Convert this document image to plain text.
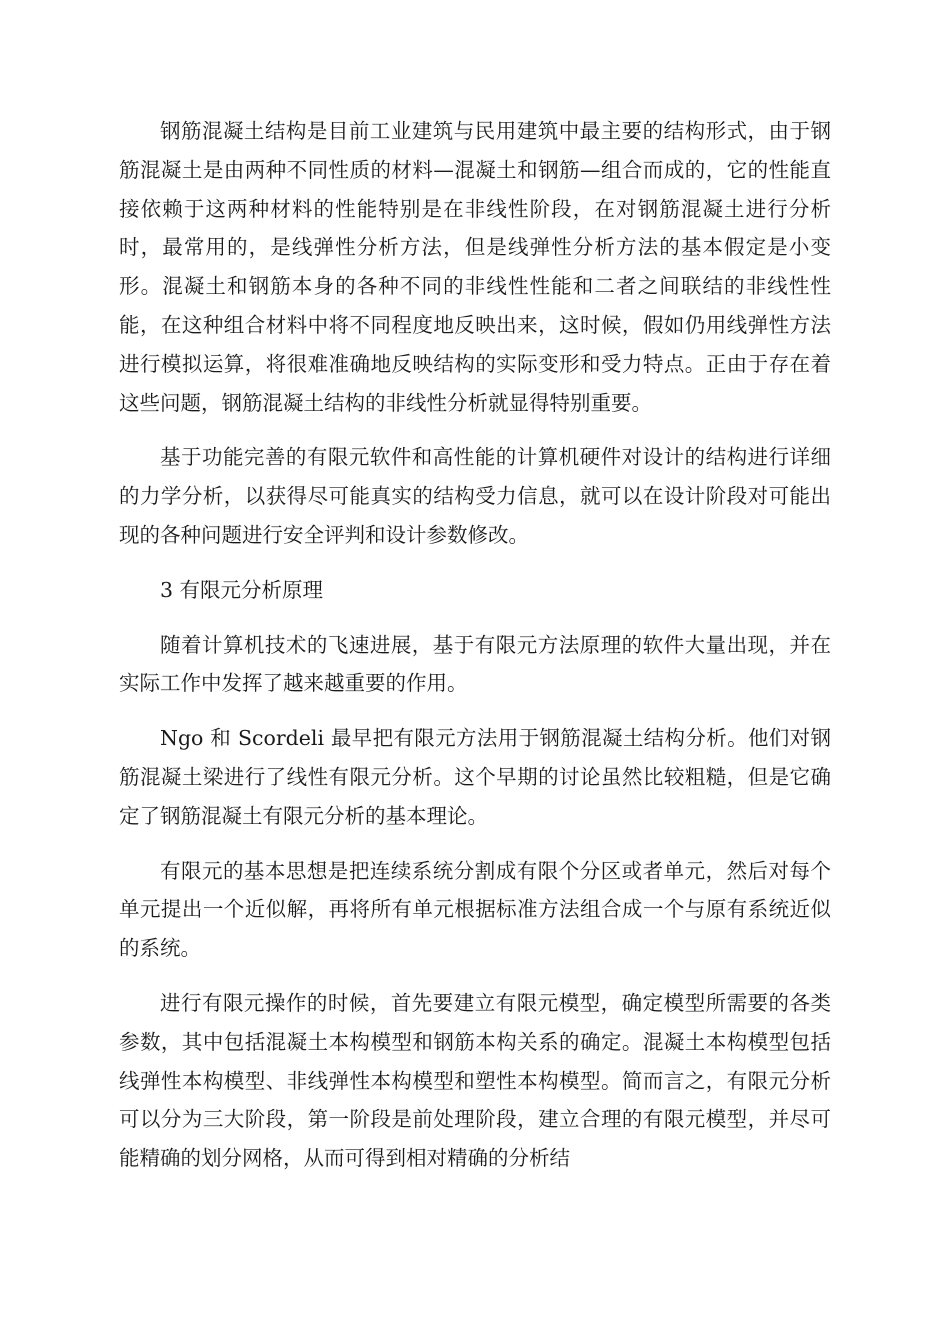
钢筋混凝土结构是目前工业建筑与民用建筑中最主要的结构形式，由于钢筋混凝土是由两种不同性质的材料—混凝土和钢筋—组合而成的，它的性能直接依赖于这两种材料的性能特别是在非线性阶段，在对钢筋混凝土进行分析时，最常用的，是线弹性分析方法，但是线弹性分析方法的基本假定是小变形。混凝土和钢筋本身的各种不同的非线性性能和二者之间联结的非线性性能，在这种组合材料中将不同程度地反映出来，这时候，假如仍用线弹性方法进行模拟运算，将很难准确地反映结构的实际变形和受力特点。正由于存在着这些问题，钢筋混凝土结构的非线性分析就显得特别重要。

基于功能完善的有限元软件和高性能的计算机硬件对设计的结构进行详细的力学分析，以获得尽可能真实的结构受力信息，就可以在设计阶段对可能出现的各种问题进行安全评判和设计参数修改。

3 有限元分析原理

随着计算机技术的飞速进展，基于有限元方法原理的软件大量出现，并在实际工作中发挥了越来越重要的作用。

Ngo 和 Scordeli 最早把有限元方法用于钢筋混凝土结构分析。他们对钢筋混凝土梁进行了线性有限元分析。这个早期的讨论虽然比较粗糙，但是它确定了钢筋混凝土有限元分析的基本理论。

有限元的基本思想是把连续系统分割成有限个分区或者单元，然后对每个单元提出一个近似解，再将所有单元根据标准方法组合成一个与原有系统近似的系统。

进行有限元操作的时候，首先要建立有限元模型，确定模型所需要的各类参数，其中包括混凝土本构模型和钢筋本构关系的确定。混凝土本构模型包括线弹性本构模型、非线弹性本构模型和塑性本构模型。简而言之，有限元分析可以分为三大阶段，第一阶段是前处理阶段，建立合理的有限元模型，并尽可能精确的划分网格，从而可得到相对精确的分析结
